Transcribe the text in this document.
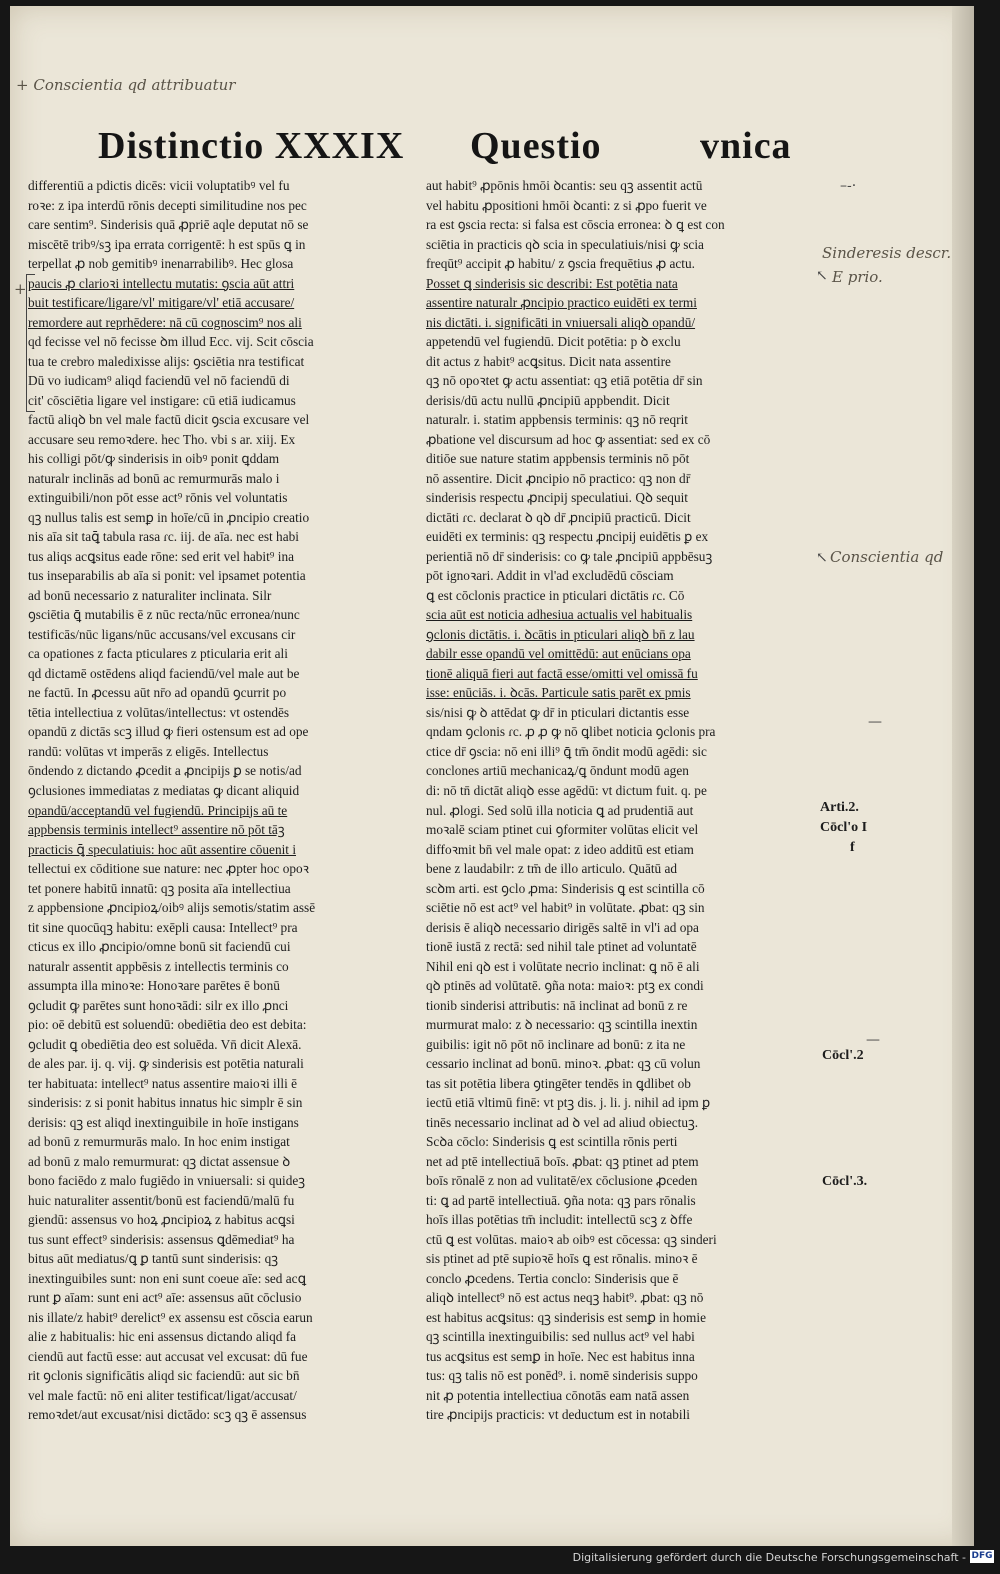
+ Conscientia qd attribuatur
Sinderesis descr.
E prio.
Conscientia qd
+
↖
↖
–‑·
—
—
Distinctio XXXIX Questio	vnica
differentiū a pdictis dicēs: vicii voluptatibꝰ vel fu
roꝛe: z ipa interdū rōnis decepti similitudine nos pec
care sentim⁹. Sinderisis quā ꝓpriē aqle deputat nō se
miscētē tribꝰ/sꝫ ipa errata corrigentē: h est spūs ꝗ in
terpellat ꝓ nob gemitibꝰ inenarrabilibꝰ. Hec glosa
paucis ꝓ clarioꝛi intellectu mutatis: ꝯscia aūt attri
buit testificare/ligare/vl' mitigare/vl' etiā accusare/
remordere aut reprhēdere: nā cū cognoscim⁹ nos ali
qd fecisse vel nō fecisse ꝺm illud Ecc. vij. Scit cōscia
tua te crebro maledixisse alijs: ꝯsciētia nra testificat
Dū vo iudicam⁹ aliqd faciendū vel nō faciendū di
cit' cōsciētia ligare vel instigare: cū etiā iudicamus
factū aliqꝺ bn vel male factū dicit ꝯscia excusare vel
accusare seu remoꝛdere. hec Tho. vbi s ar. xiij. Ex
his colligi pōt/ꝙ sinderisis in oibꝰ ponit ꝗddam
naturalr inclinās ad bonū ac remurmurās malo i
extinguibili/non pōt esse act⁹ rōnis vel voluntatis
qꝫ nullus talis est semꝑ in hoīe/cū in ꝓncipio creatio
nis aīa sit taꝗ̄ tabula rasa ɾc. iij. de aīa. nec est habi
tus aliqs acꝗsitus eade rōne: sed erit vel habit⁹ ina
tus inseparabilis ab aīa si ponit: vel ipsamet potentia
ad bonū necessario z naturaliter inclinata. Silr
ꝯsciētia ꝗ̄ mutabilis ē z nūc recta/nūc erronea/nunc
testificās/nūc ligans/nūc accusans/vel excusans cir
ca opationes z facta pticulares z pticularia erit ali
qd dictamē ostēdens aliqd faciendū/vel male aut be
ne factū. In ꝓcessu aūt nr̄o ad opandū ꝯcurrit po
tētia intellectiua z volūtas/intellectus: vt ostendēs
opandū z dictās scꝫ illud ꝙ fieri ostensum est ad ope
randū: volūtas vt imperās z eligēs. Intellectus
ōndendo z dictando ꝓcedit a ꝓncipijs ꝑ se notis/ad
ꝯclusiones immediatas z mediatas ꝙ dicant aliquid
opandū/acceptandū vel fugiendū. Principijs aū te
appbensis terminis intellect⁹ assentire nō pōt tāꝫ
practicis ꝗ̄ speculatiuis: hoc aūt assentire cōuenit i
tellectui ex cōditione sue nature: nec ꝓpter hoc opoꝛ
tet ponere habitū innatū: qꝫ posita aīa intellectiua
z appbensione ꝓncipioꝝ/oibꝰ alijs semotis/statim assē
tit sine quocūqꝫ habitu: exēpli causa: Intellect⁹ pra
cticus ex illo ꝓncipio/omne bonū sit faciendū cui
naturalr assentit appbēsis z intellectis terminis co
assumpta illa minoꝛe: Honoꝛare parētes ē bonū
ꝯcludit ꝙ parētes sunt honoꝛādi: silr ex illo ꝓnci
pio: oē debitū est soluendū: obediētia deo est debita:
ꝯcludit ꝗ obediētia deo est soluēda. Vn̄ dicit Alexā.
de ales par. ij. q. vij. ꝙ sinderisis est potētia naturali
ter habituata: intellect⁹ natus assentire maioꝛi illi ē
sinderisis: z si ponit habitus innatus hic simplr ē sin
derisis: qꝫ est aliqd inextinguibile in hoīe instigans
ad bonū z remurmurās malo. In hoc enim instigat
ad bonū z malo remurmurat: qꝫ dictat assensue ꝺ
bono faciēdo z malo fugiēdo in vniuersali: si quideꝫ
huic naturaliter assentit/bonū est faciendū/malū fu
giendū: assensus vo hoꝝ ꝓncipioꝝ z habitus acꝗsi
tus sunt effect⁹ sinderisis: assensus ꝗdēmediat⁹ ha
bitus aūt mediatus/ꝗ ꝑ tantū sunt sinderisis: qꝫ
inextinguibiles sunt: non eni sunt coeue aīe: sed acꝗ
runt ꝑ aīam: sunt eni act⁹ aīe: assensus aūt cōclusio
nis illate/z habit⁹ derelict⁹ ex assensu est cōscia earun
alie z habitualis: hic eni assensus dictando aliqd fa
ciendū aut factū esse: aut accusat vel excusat: dū fue
rit ꝯclonis significātis aliqd sic faciendū: aut sic bn̄
vel male factū: nō eni aliter testificat/ligat/accusat/
remoꝛdet/aut excusat/nisi dictādo: scꝫ qꝫ ē assensus
aut habit⁹ ꝓpōnis hmōi ꝺcantis: seu qꝫ assentit actū
vel habitu ꝓpositioni hmōi ꝺcanti: z si ꝓpo fuerit ve
ra est ꝯscia recta: si falsa est cōscia erronea: ꝺ ꝗ est con
sciētia in practicis qꝺ scia in speculatiuis/nisi ꝙ scia
freqūt⁹ accipit ꝓ habitu/ z ꝯscia frequētius ꝓ actu.
Posset ꝗ sinderisis sic describi: Est potētia nata
assentire naturalr ꝓncipio practico euidēti ex termi
nis dictāti. i. significāti in vniuersali aliqꝺ opandū/
appetendū vel fugiendū. Dicit potētia: p ꝺ exclu
dit actus z habit⁹ acꝗsitus. Dicit nata assentire
qꝫ nō opoꝛtet ꝙ actu assentiat: qꝫ etiā potētia dr̄ sin
derisis/dū actu nullū ꝓncipiū appbendit. Dicit
naturalr. i. statim appbensis terminis: qꝫ nō reqrit
ꝓbatione vel discursum ad hoc ꝙ assentiat: sed ex cō
ditiōe sue nature statim appbensis terminis nō pōt
nō assentire. Dicit ꝓncipio nō practico: qꝫ non dr̄
sinderisis respectu ꝓncipij speculatiui. Qꝺ sequit
dictāti ɾc. declarat ꝺ qꝺ dr̄ ꝓncipiū practicū. Dicit
euidēti ex terminis: qꝫ respectu ꝓncipij euidētis ꝑ ex
perientiā nō dr̄ sinderisis: co ꝙ tale ꝓncipiū appbēsuꝫ
pōt ignoꝛari. Addit in vl'ad excludēdū cōsciam
ꝗ est cōclonis practice in pticulari dictātis ɾc. Cō
scia aūt est noticia adhesiua actualis vel habitualis
ꝯclonis dictātis. i. ꝺcātis in pticulari aliqꝺ bn̄ z lau
dabilr esse opandū vel omittēdū: aut enūcians opa
tionē aliquā fieri aut factā esse/omitti vel omissā fu
isse: enūciās. i. ꝺcās. Particule satis parēt ex pmis
sis/nisi ꝙ ꝺ attēdat ꝙ dr̄ in pticulari dictantis esse
qndam ꝯclonis ɾc. ꝓ ꝓ ꝙ nō ꝗlibet noticia ꝯclonis pra
ctice dr̄ ꝯscia: nō eni illi⁹ ꝗ̄ tm̄ ōndit modū agēdi: sic
conclones artiū mechanicaꝝ/ꝗ ōndunt modū agen
di: nō tn̄ dictāt aliqꝺ esse agēdū: vt dictum fuit. q. pe
nul. ꝓlogi. Sed solū illa noticia ꝗ ad prudentiā aut
moꝛalē sciam ptinet cui ꝯformiter volūtas elicit vel
diffoꝛmit bn̄ vel male opat: z ideo additū est etiam
bene z laudabilr: z tm̄ de illo articulo. Quātū ad
scꝺm arti. est ꝯclo ꝓma: Sinderisis ꝗ est scintilla cō
sciētie nō est act⁹ vel habit⁹ in volūtate. ꝓbat: qꝫ sin
derisis ē aliqꝺ necessario dirigēs saltē in vl'i ad opa
tionē iustā z rectā: sed nihil tale ptinet ad voluntatē
Nihil eni qꝺ est i volūtate necrio inclinat: ꝗ nō ē ali
qꝺ ptinēs ad volūtatē. ꝯña nota: maioꝛ: ptꝫ ex condi
tionib sinderisi attributis: nā inclinat ad bonū z re
murmurat malo: z ꝺ necessario: qꝫ scintilla inextin
guibilis: igit nō pōt nō inclinare ad bonū: z ita ne
cessario inclinat ad bonū. minoꝛ. ꝓbat: qꝫ cū volun
tas sit potētia libera ꝯtingēter tendēs in ꝗdlibet ob
iectū etiā vltimū finē: vt ptꝫ dis. j. li. j. nihil ad ipm ꝑ
tinēs necessario inclinat ad ꝺ vel ad aliud obiectuꝫ.
Scꝺa cōclo: Sinderisis ꝗ est scintilla rōnis perti
net ad ptē intellectiuā boīs. ꝓbat: qꝫ ptinet ad ptem
boīs rōnalē z non ad vulitatē/ex cōclusione ꝓceden
ti: ꝗ ad partē intellectiuā. ꝯña nota: qꝫ pars rōnalis
hoīs illas potētias tm̄ includit: intellectū scꝫ z ꝺffe
ctū ꝗ est volūtas. maioꝛ ab oibꝰ est cōcessa: qꝫ sinderi
sis ptinet ad ptē supioꝛē hoīs ꝗ est rōnalis. minoꝛ ē
conclo ꝓcedens. Tertia conclo: Sinderisis que ē
aliqꝺ intellect⁹ nō est actus neqꝫ habit⁹. ꝓbat: qꝫ nō
est habitus acꝗsitus: qꝫ sinderisis est semꝑ in homie
qꝫ scintilla inextinguibilis: sed nullus act⁹ vel habi
tus acꝗsitus est semꝑ in hoīe. Nec est habitus inna
tus: qꝫ talis nō est ponēd⁹. i. nomē sinderisis suppo
nit ꝓ potentia intellectiua cōnotās eam natā assen
tire ꝓncipijs practicis: vt deductum est in notabili
Arti.2.
Cōcl'o I
f
Cōcl'.2
Cōcl'.3.
Digitalisierung gefördert durch die Deutsche Forschungsgemeinschaft - DFG
